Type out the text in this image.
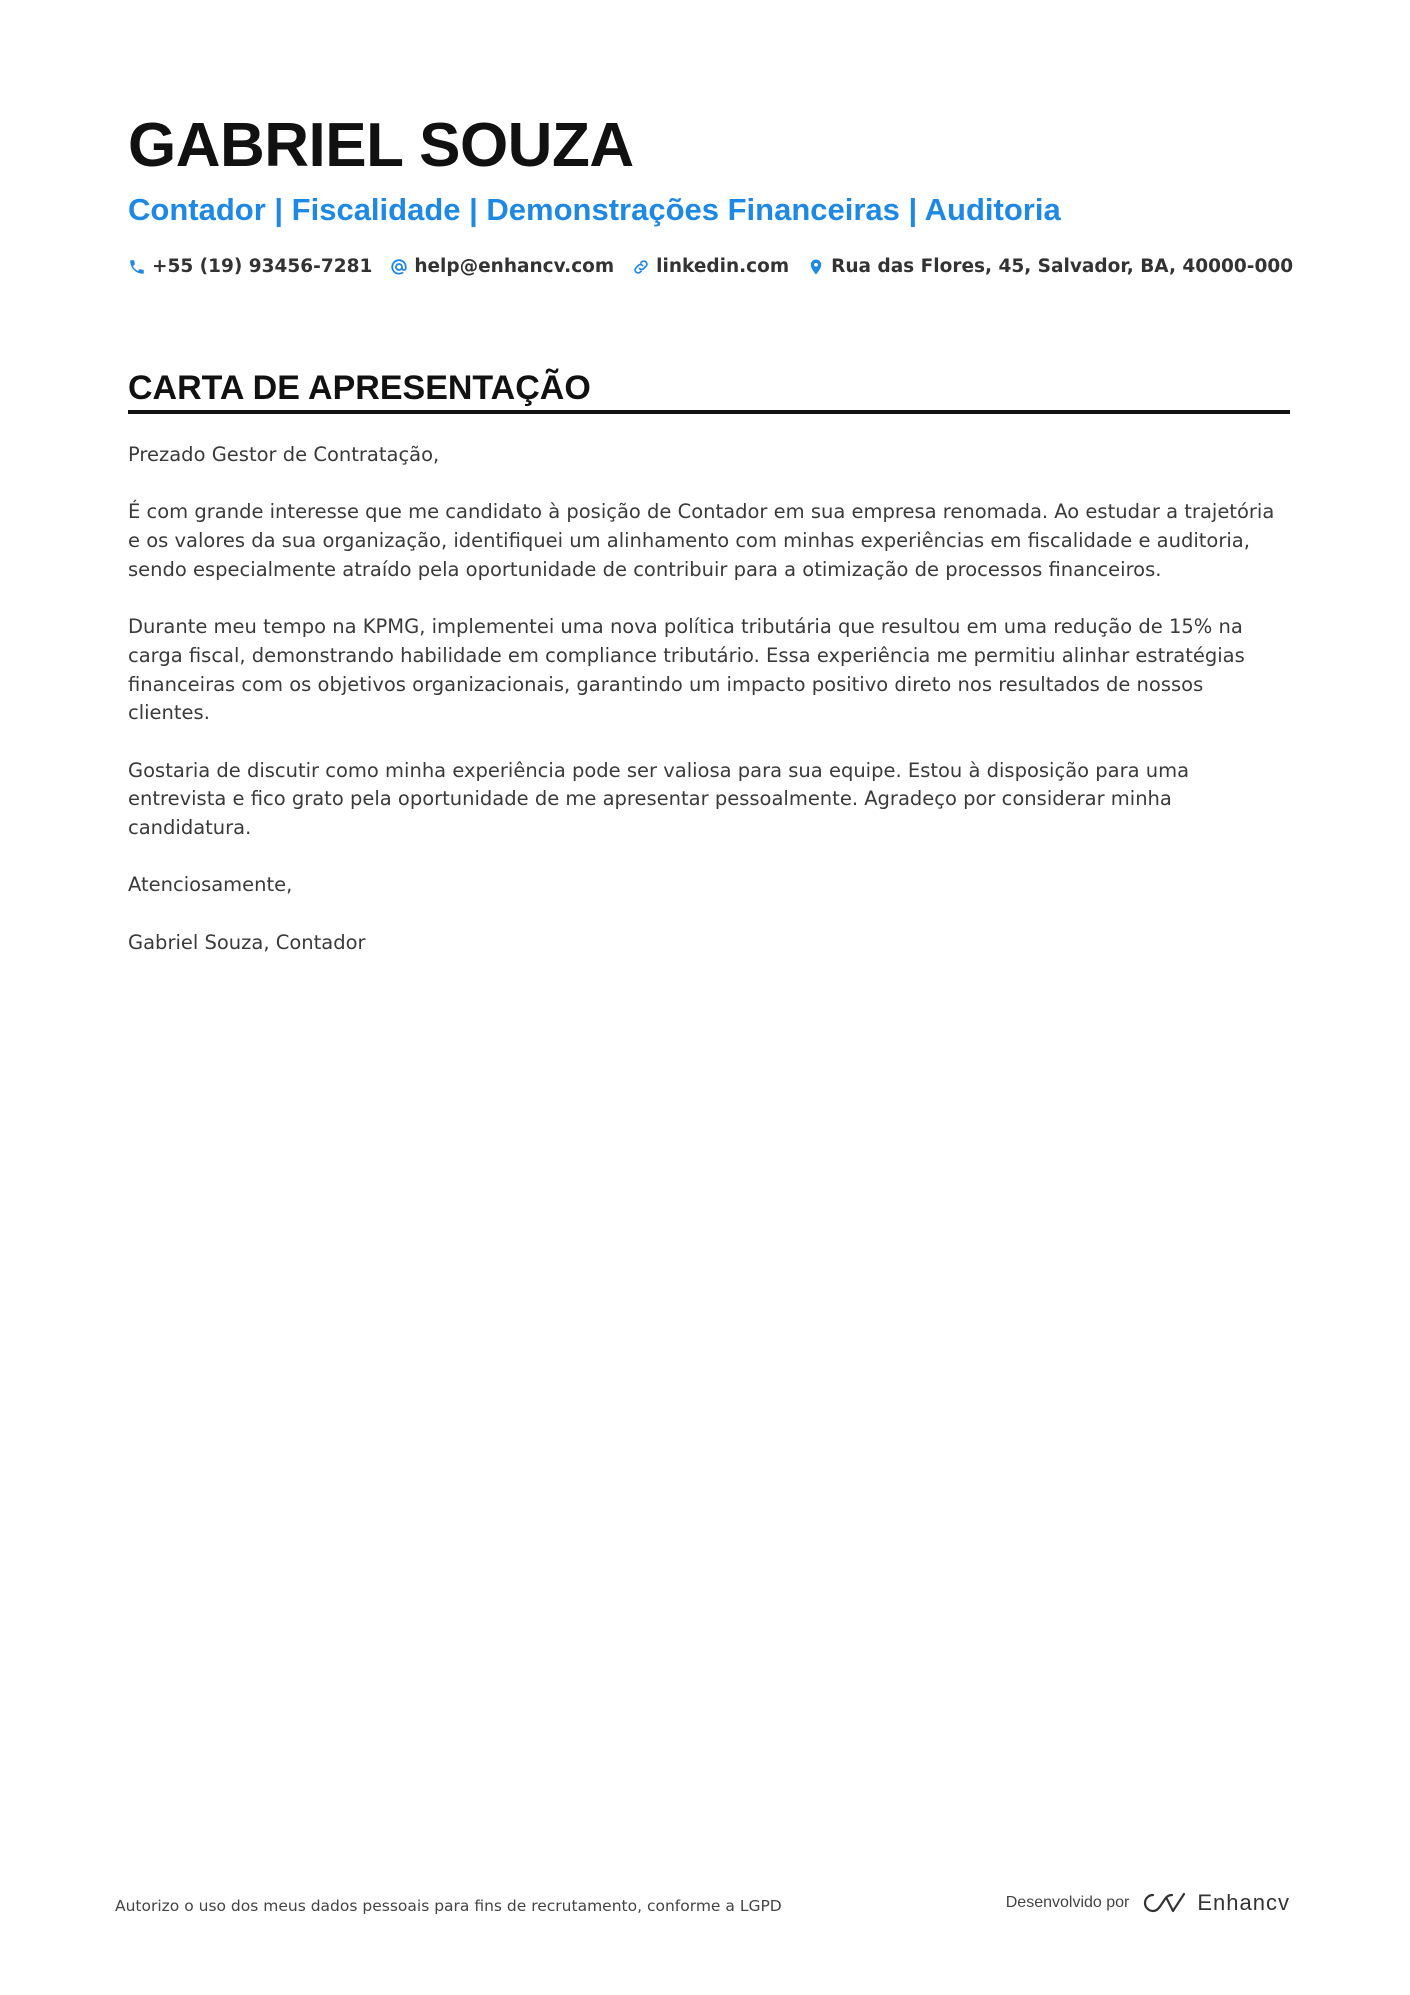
GABRIEL SOUZA
Contador | Fiscalidade | Demonstrações Financeiras | Auditoria
+55 (19) 93456-7281 help@enhancv.com linkedin.com Rua das Flores, 45, Salvador, BA, 40000-000
CARTA DE APRESENTAÇÃO

Prezado Gestor de Contratação,

É com grande interesse que me candidato à posição de Contador em sua empresa renomada. Ao estudar a trajetória e os valores da sua organização, identifiquei um alinhamento com minhas experiências em fiscalidade e auditoria, sendo especialmente atraído pela oportunidade de contribuir para a otimização de processos financeiros.

Durante meu tempo na KPMG, implementei uma nova política tributária que resultou em uma redução de 15% na carga fiscal, demonstrando habilidade em compliance tributário. Essa experiência me permitiu alinhar estratégias financeiras com os objetivos organizacionais, garantindo um impacto positivo direto nos resultados de nossos clientes.

Gostaria de discutir como minha experiência pode ser valiosa para sua equipe. Estou à disposição para uma entrevista e fico grato pela oportunidade de me apresentar pessoalmente. Agradeço por considerar minha candidatura.

Atenciosamente,

Gabriel Souza, Contador

Autorizo o uso dos meus dados pessoais para fins de recrutamento, conforme a LGPD	Desenvolvido por	Enhancv
